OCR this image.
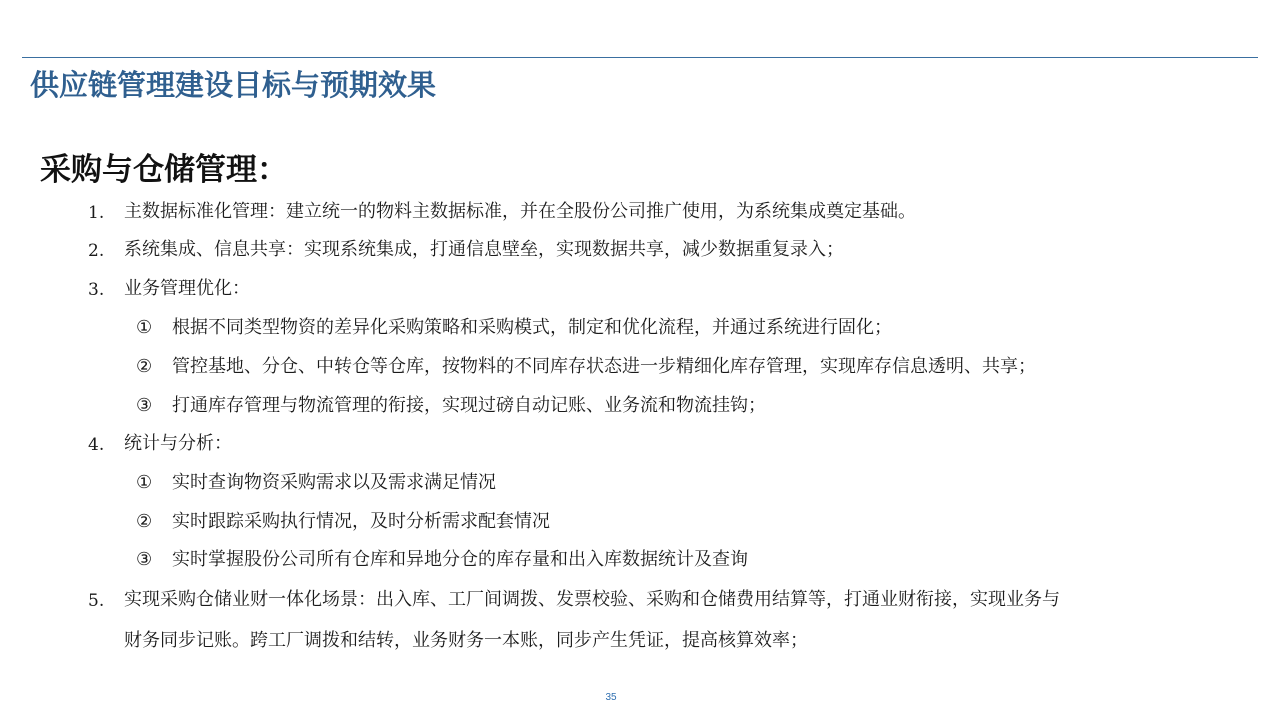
供应链管理建设目标与预期效果
采购与仓储管理：
1. 主数据标准化管理：建立统一的物料主数据标准，并在全股份公司推广使用，为系统集成奠定基础。
2. 系统集成、信息共享：实现系统集成，打通信息壁垒，实现数据共享，减少数据重复录入；
3. 业务管理优化：
① 根据不同类型物资的差异化采购策略和采购模式，制定和优化流程，并通过系统进行固化；
② 管控基地、分仓、中转仓等仓库，按物料的不同库存状态进一步精细化库存管理，实现库存信息透明、共享；
③ 打通库存管理与物流管理的衔接，实现过磅自动记账、业务流和物流挂钩；
4. 统计与分析：
① 实时查询物资采购需求以及需求满足情况
② 实时跟踪采购执行情况，及时分析需求配套情况
③ 实时掌握股份公司所有仓库和异地分仓的库存量和出入库数据统计及查询
5. 实现采购仓储业财一体化场景：出入库、工厂间调拨、发票校验、采购和仓储费用结算等，打通业财衔接，实现业务与
财务同步记账。跨工厂调拨和结转，业务财务一本账，同步产生凭证，提高核算效率；
35
